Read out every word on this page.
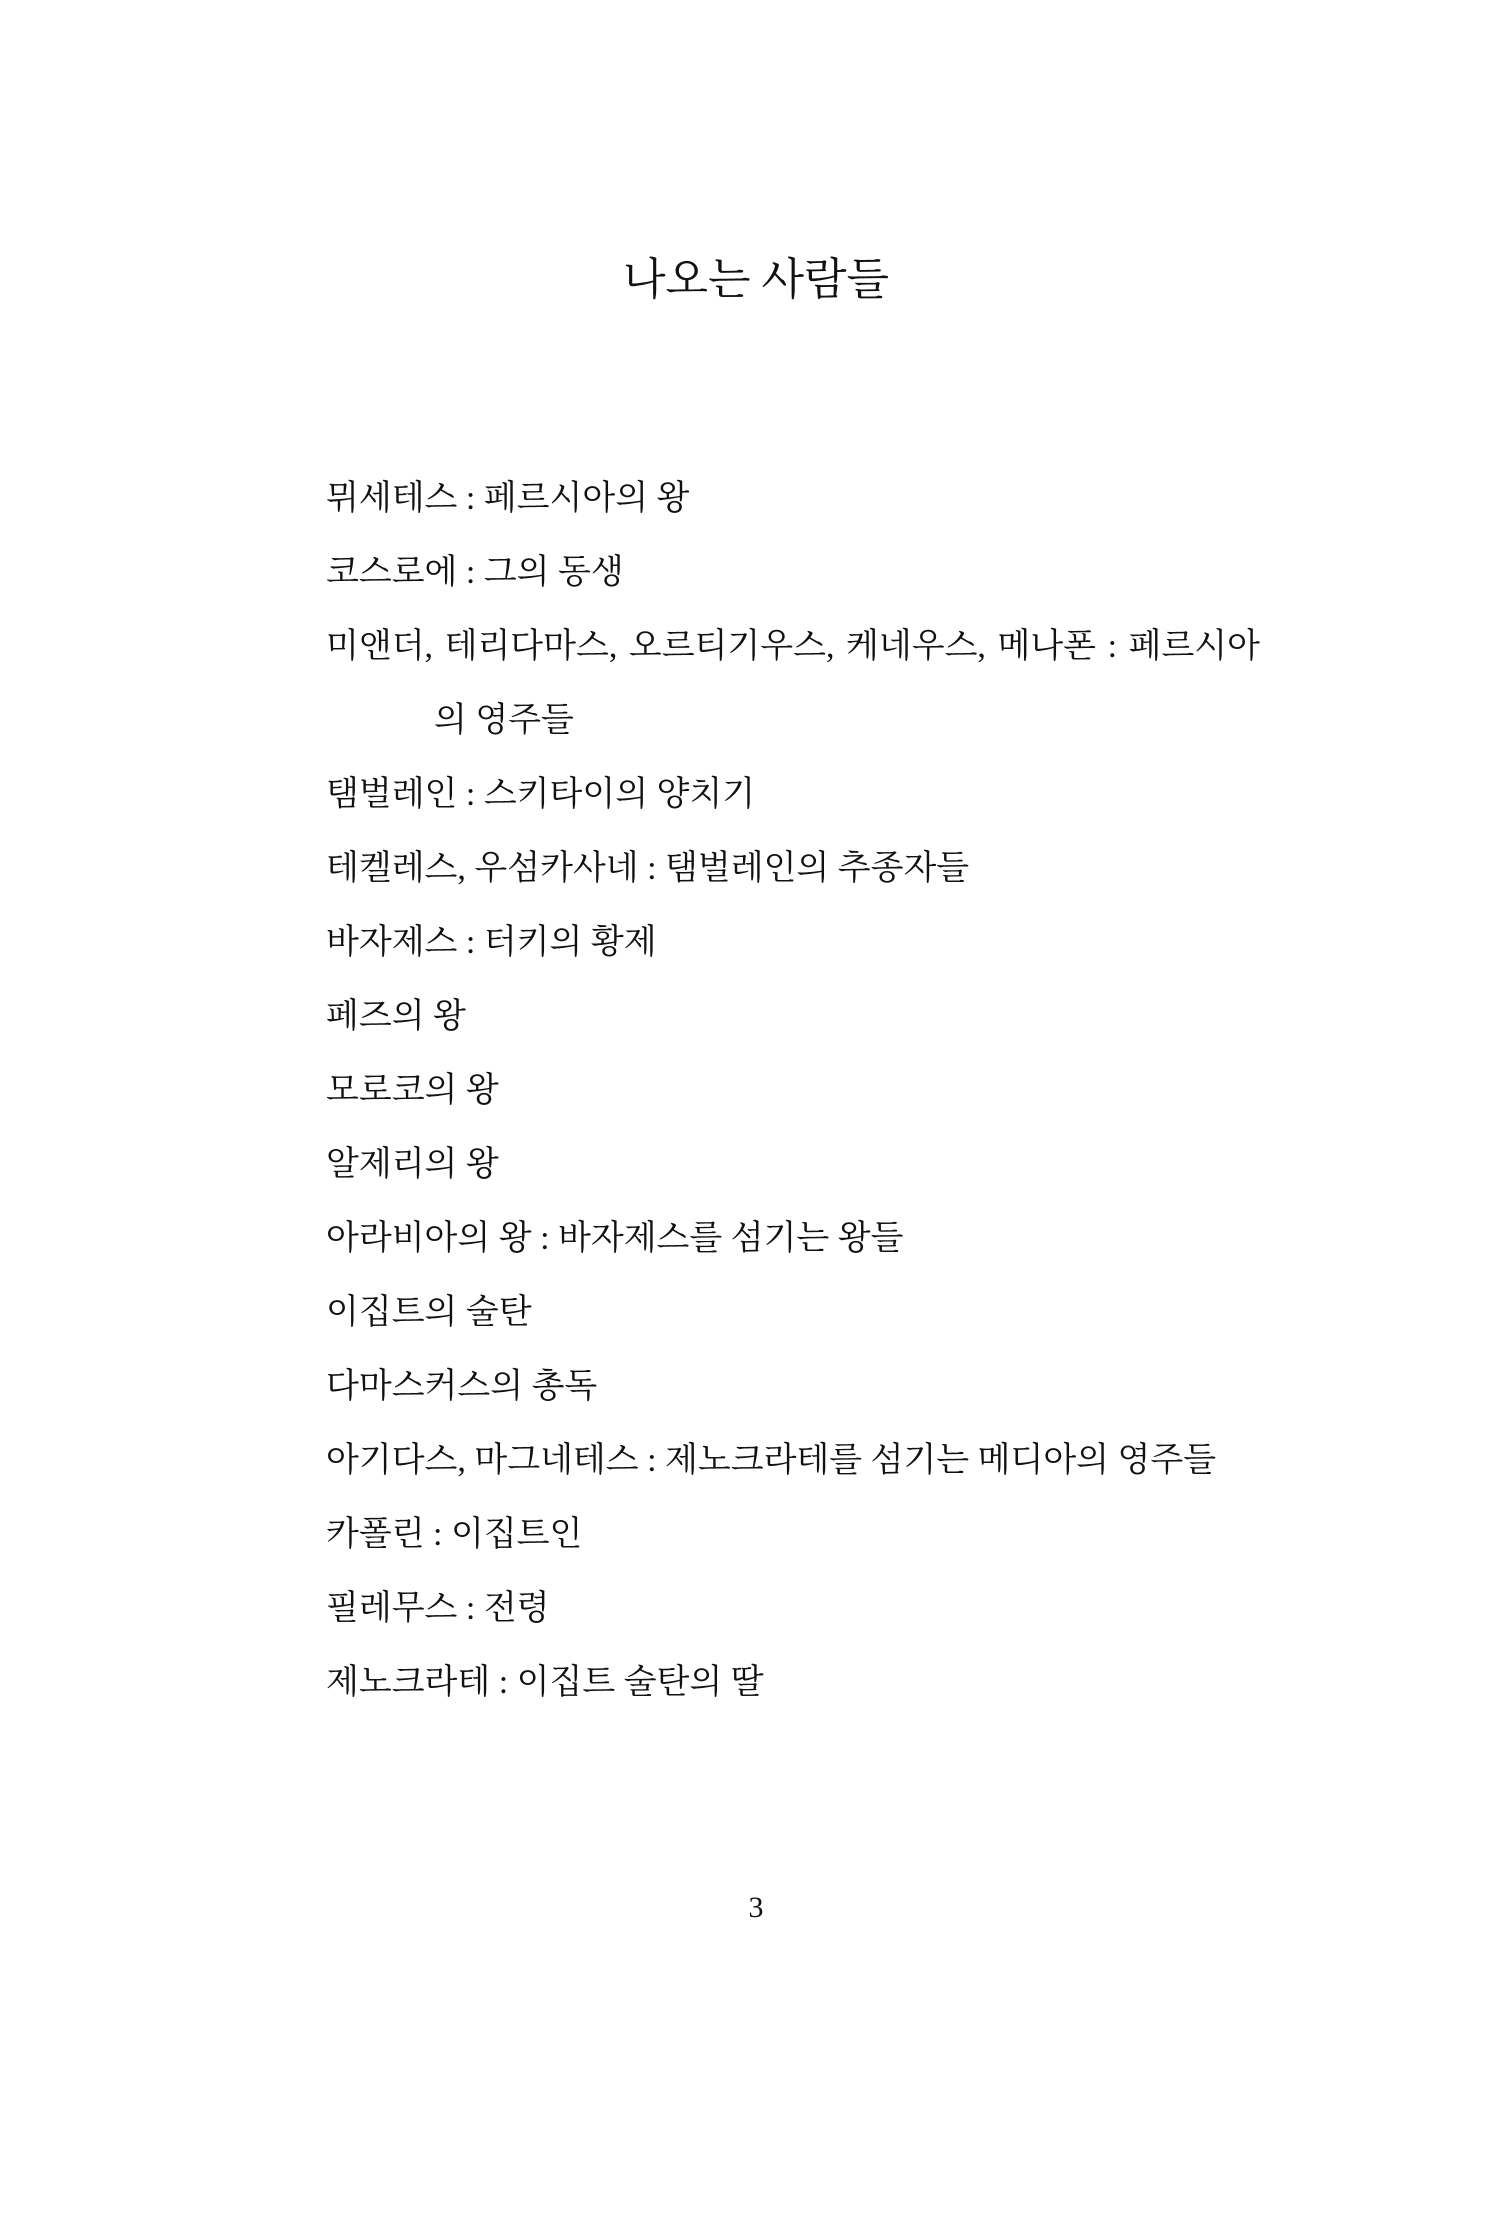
나오는 사람들
뮈세테스 : 페르시아의 왕
코스로에 : 그의 동생
미앤더, 테리다마스, 오르티기우스, 케네우스, 메나폰 : 페르시아의 영주들
탬벌레인 : 스키타이의 양치기
테켈레스, 우섬카사네 : 탬벌레인의 추종자들
바자제스 : 터키의 황제
페즈의 왕
모로코의 왕
알제리의 왕
아라비아의 왕 : 바자제스를 섬기는 왕들
이집트의 술탄
다마스커스의 총독
아기다스, 마그네테스 : 제노크라테를 섬기는 메디아의 영주들
카폴린 : 이집트인
필레무스 : 전령
제노크라테 : 이집트 술탄의 딸
3
